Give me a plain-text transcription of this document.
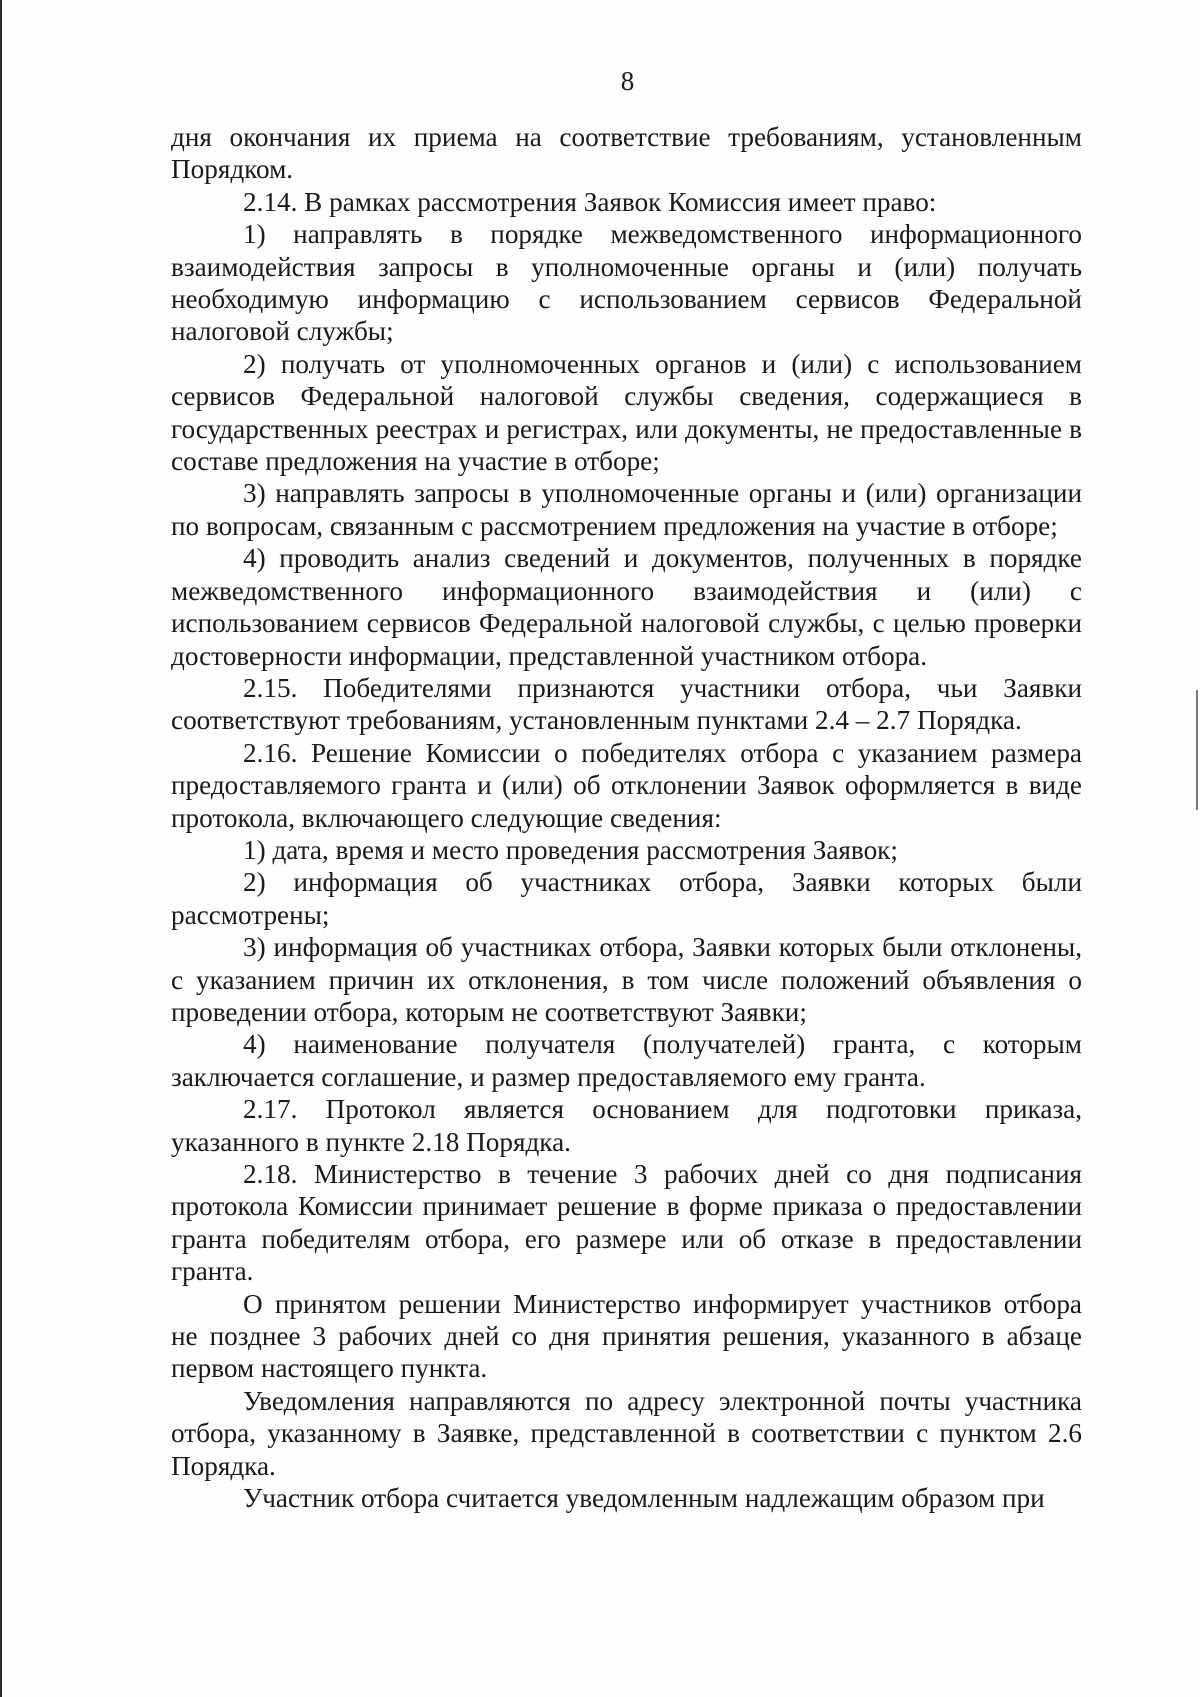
8

дня окончания их приема на соответствие требованиям, установленным Порядком.

2.14. В рамках рассмотрения Заявок Комиссия имеет право:

1) направлять в порядке межведомственного информационного взаимодействия запросы в уполномоченные органы и (или) получать необходимую информацию с использованием сервисов Федеральной налоговой службы;

2) получать от уполномоченных органов и (или) с использованием сервисов Федеральной налоговой службы сведения, содержащиеся в государственных реестрах и регистрах, или документы, не предоставленные в составе предложения на участие в отборе;

3) направлять запросы в уполномоченные органы и (или) организации по вопросам, связанным с рассмотрением предложения на участие в отборе;

4) проводить анализ сведений и документов, полученных в порядке межведомственного информационного взаимодействия и (или) с использованием сервисов Федеральной налоговой службы, с целью проверки достоверности информации, представленной участником отбора.

2.15. Победителями признаются участники отбора, чьи Заявки соответствуют требованиям, установленным пунктами 2.4 – 2.7 Порядка.

2.16. Решение Комиссии о победителях отбора с указанием размера предоставляемого гранта и (или) об отклонении Заявок оформляется в виде протокола, включающего следующие сведения:

1) дата, время и место проведения рассмотрения Заявок;

2) информация об участниках отбора, Заявки которых были рассмотрены;

3) информация об участниках отбора, Заявки которых были отклонены, с указанием причин их отклонения, в том числе положений объявления о проведении отбора, которым не соответствуют Заявки;

4) наименование получателя (получателей) гранта, с которым заключается соглашение, и размер предоставляемого ему гранта.

2.17. Протокол является основанием для подготовки приказа, указанного в пункте 2.18 Порядка.

2.18. Министерство в течение 3 рабочих дней со дня подписания протокола Комиссии принимает решение в форме приказа о предоставлении гранта победителям отбора, его размере или об отказе в предоставлении гранта.

О принятом решении Министерство информирует участников отбора не позднее 3 рабочих дней со дня принятия решения, указанного в абзаце первом настоящего пункта.

Уведомления направляются по адресу электронной почты участника отбора, указанному в Заявке, представленной в соответствии с пунктом 2.6 Порядка.

Участник отбора считается уведомленным надлежащим образом при
